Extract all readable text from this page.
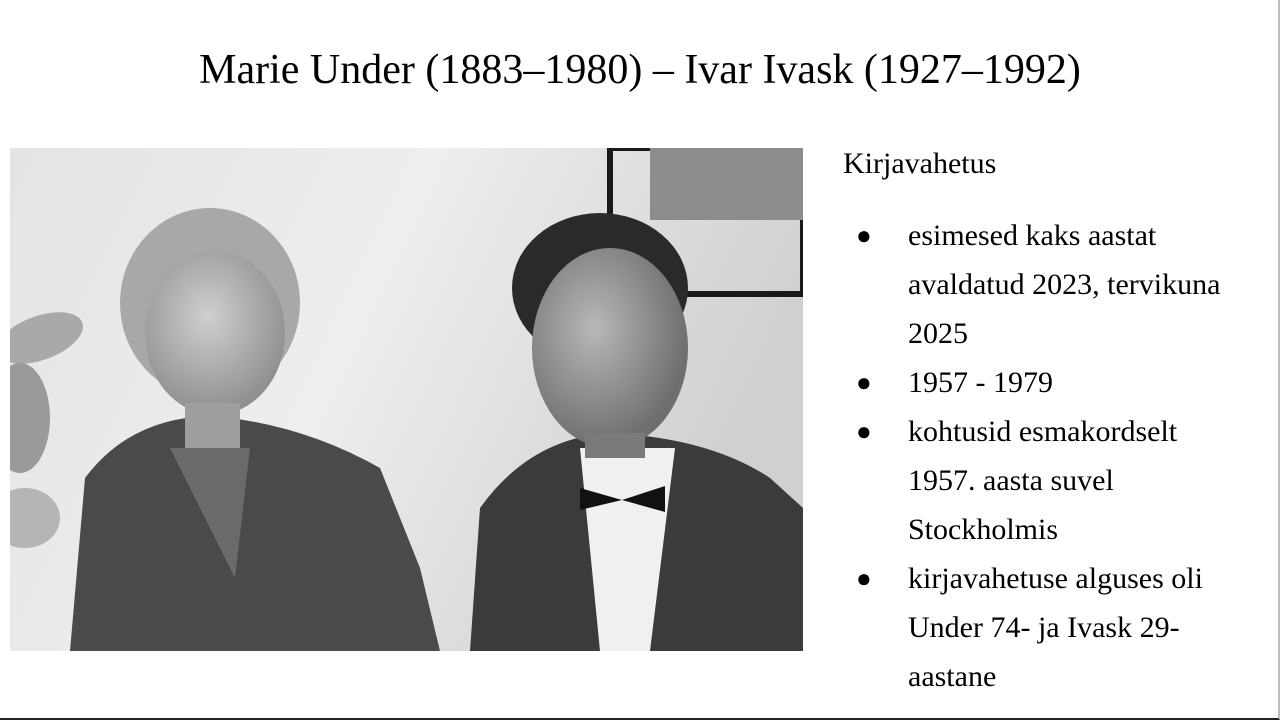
Marie Under (1883–1980) – Ivar Ivask (1927–1992)
Kirjavahetus
● esimesed kaks aastat avaldatud 2023, tervikuna 2025
● 1957 - 1979
● kohtusid esmakordselt 1957. aasta suvel Stockholmis
● kirjavahetuse alguses oli Under 74- ja Ivask 29-aastane
